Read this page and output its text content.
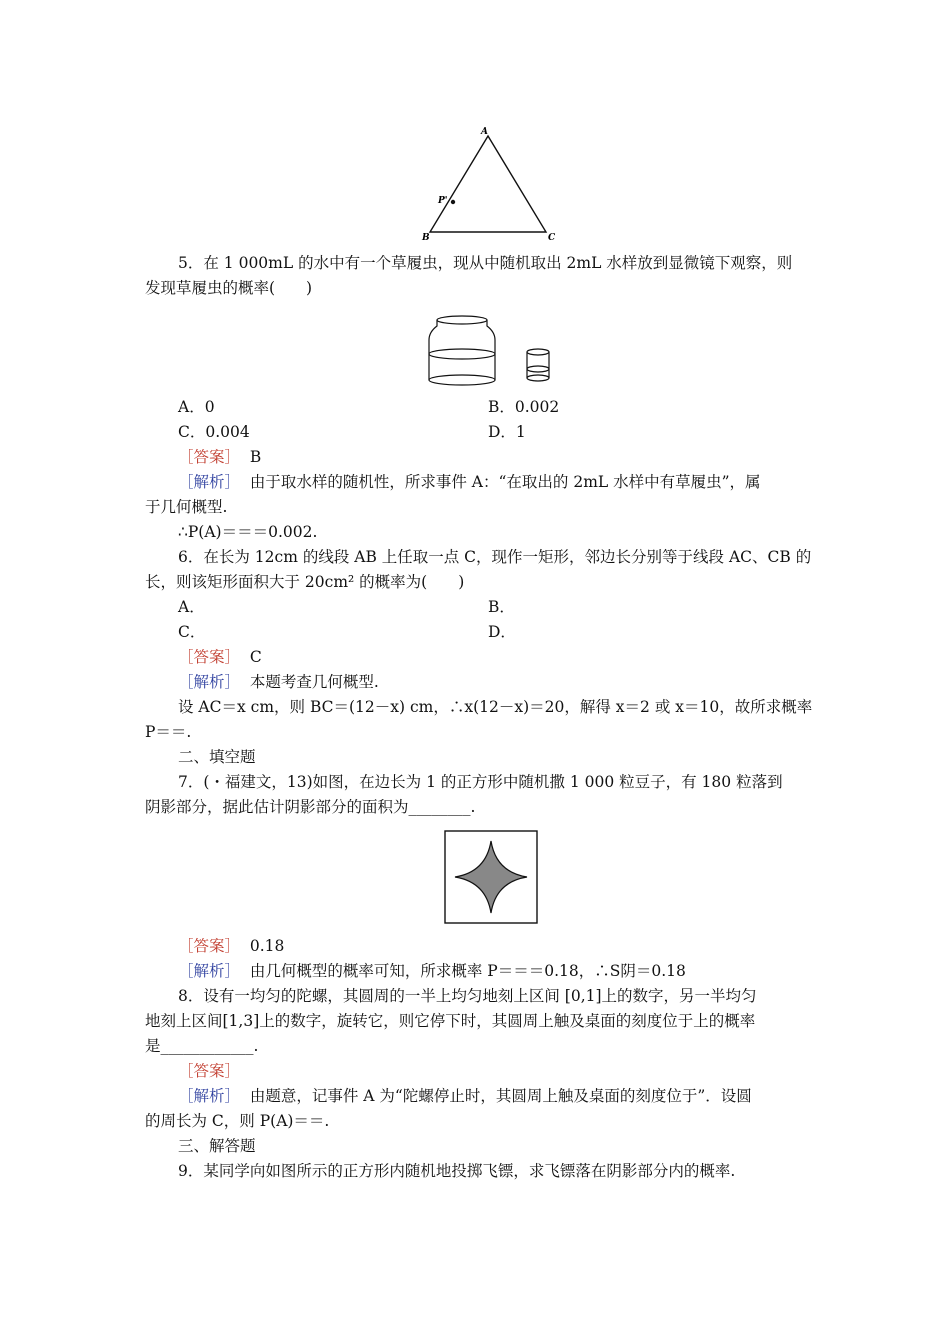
A
B	C
P'
5．在 1 000mL 的水中有一个草履虫，现从中随机取出 2mL 水样放到显微镜下观察，则
发现草履虫的概率(　　)
A．0	B．0.002
C．0.004	D．1
［答案］ B
［解析］ 由于取水样的随机性，所求事件 A：“在取出的 2mL 水样中有草履虫”，属
于几何概型.
∴P(A)＝＝＝0.002.
6．在长为 12cm 的线段 AB 上任取一点 C，现作一矩形，邻边长分别等于线段 AC、CB 的
长，则该矩形面积大于 20cm² 的概率为(　　)
A．	B．
C．	D．
［答案］ C
［解析］ 本题考查几何概型.
设 AC＝x cm，则 BC＝(12－x) cm，∴x(12－x)＝20，解得 x＝2 或 x＝10，故所求概率
P＝＝.
二、填空题
7．(・福建文，13)如图，在边长为 1 的正方形中随机撒 1 000 粒豆子，有 180 粒落到
阴影部分，据此估计阴影部分的面积为________.
［答案］ 0.18
［解析］ 由几何概型的概率可知，所求概率 P＝＝＝0.18，∴S阴＝0.18
8．设有一均匀的陀螺，其圆周的一半上均匀地刻上区间 [0,1]上的数字，另一半均匀
地刻上区间[1,3]上的数字，旋转它，则它停下时，其圆周上触及桌面的刻度位于上的概率
是____________.
［答案］
［解析］ 由题意，记事件 A 为“陀螺停止时，其圆周上触及桌面的刻度位于”．设圆
的周长为 C，则 P(A)＝＝.
三、解答题
9．某同学向如图所示的正方形内随机地投掷飞镖，求飞镖落在阴影部分内的概率.
